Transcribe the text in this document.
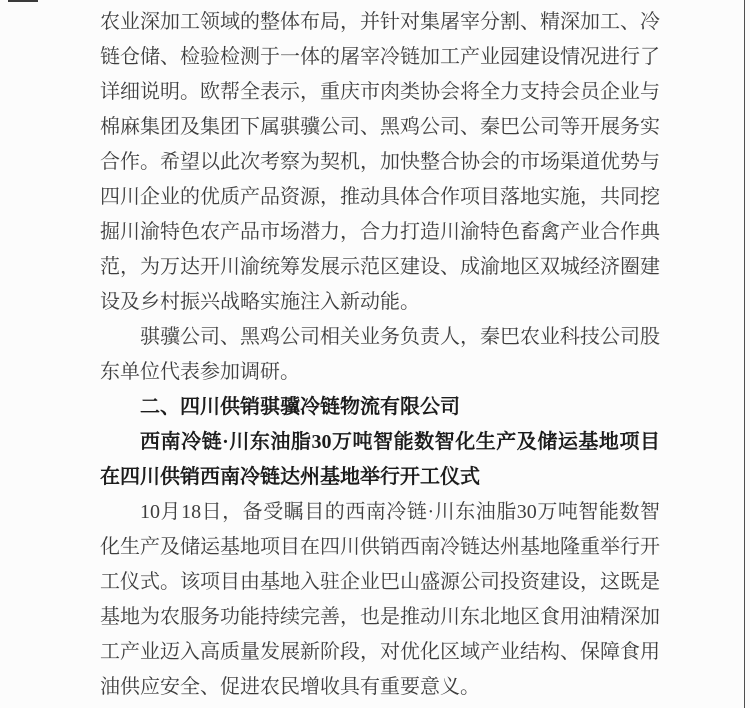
农业深加工领域的整体布局，并针对集屠宰分割、精深加工、冷链仓储、检验检测于一体的屠宰冷链加工产业园建设情况进行了详细说明。欧帮全表示，重庆市肉类协会将全力支持会员企业与棉麻集团及集团下属骐骥公司、黑鸡公司、秦巴公司等开展务实合作。希望以此次考察为契机，加快整合协会的市场渠道优势与四川企业的优质产品资源，推动具体合作项目落地实施，共同挖掘川渝特色农产品市场潜力，合力打造川渝特色畜禽产业合作典范，为万达开川渝统筹发展示范区建设、成渝地区双城经济圈建设及乡村振兴战略实施注入新动能。

骐骥公司、黑鸡公司相关业务负责人，秦巴农业科技公司股东单位代表参加调研。

二、四川供销骐骥冷链物流有限公司

西南冷链·川东油脂30万吨智能数智化生产及储运基地项目在四川供销西南冷链达州基地举行开工仪式

10月18日，备受瞩目的西南冷链·川东油脂30万吨智能数智化生产及储运基地项目在四川供销西南冷链达州基地隆重举行开工仪式。该项目由基地入驻企业巴山盛源公司投资建设，这既是基地为农服务功能持续完善，也是推动川东北地区食用油精深加工产业迈入高质量发展新阶段，对优化区域产业结构、保障食用油供应安全、促进农民增收具有重要意义。
